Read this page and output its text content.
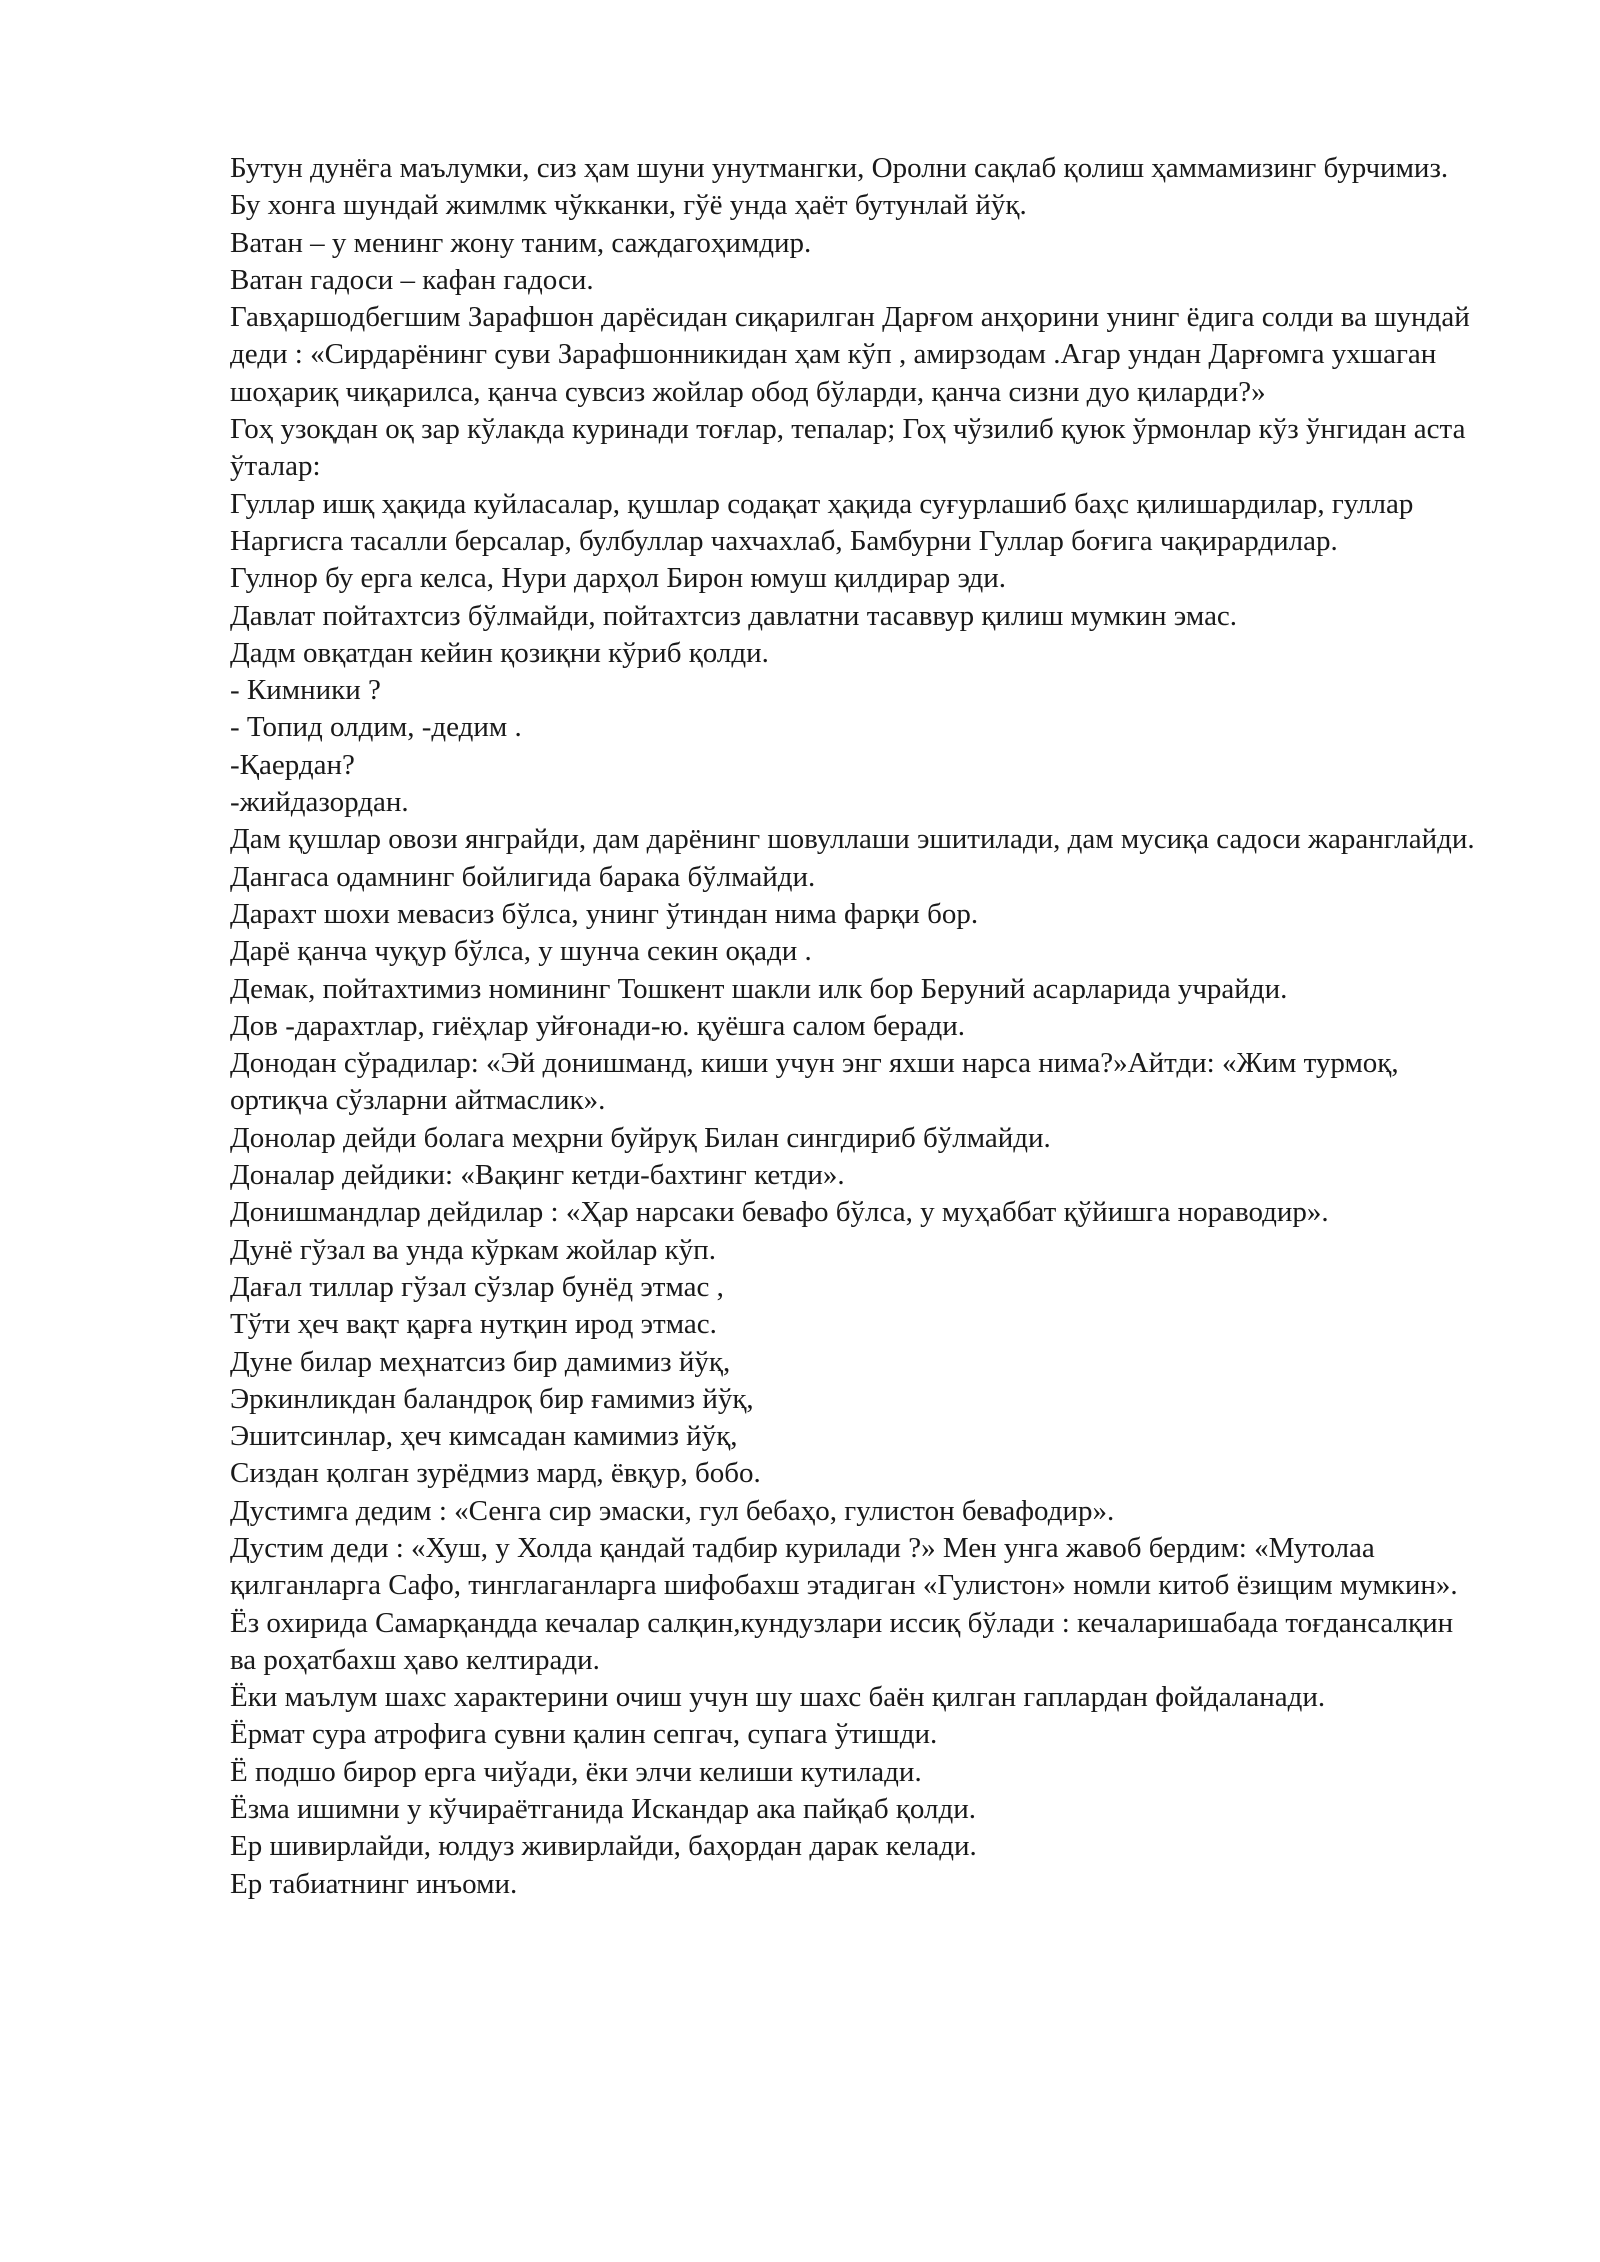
Бутун дунёга маълумки, сиз ҳам шуни унутмангки, Оролни сақлаб қолиш ҳаммамизинг бурчимиз.

Бу хонга шундай жимлмк чўкканки, гўё унда ҳаёт бутунлай йўқ.

Ватан – у менинг жону таним, саждагоҳимдир.

Ватан гадоси – кафан гадоси.

Гавҳаршодбегшим Зарафшон дарёсидан сиқарилган Дарғом анҳорини унинг ёдига солди ва шундай деди : «Сирдарёнинг суви Зарафшонникидан ҳам кўп , амирзодам .Агар ундан Дарғомга ухшаган шоҳариқ чиқарилса, қанча сувсиз жойлар обод бўларди, қанча сизни дуо қиларди?»

Гоҳ узоқдан оқ зар кўлакда куринади тоғлар, тепалар; Гоҳ чўзилиб қуюк ўрмонлар кўз ўнгидан аста ўталар:

Гуллар ишқ ҳақида куйласалар, қушлар содақат ҳақида суғурлашиб баҳс қилишардилар, гуллар Наргисга тасалли берсалар, булбуллар чахчахлаб, Бамбурни Гуллар боғига чақирардилар.

Гулнор бу ерга келса, Нури дарҳол Бирон юмуш қилдирар эди.

Давлат пойтахтсиз бўлмайди, пойтахтсиз давлатни тасаввур қилиш мумкин эмас.

Дадм овқатдан кейин қозиқни кўриб қолди.

- Кимники ?

- Топид олдим, -дедим .

-Қаердан?

-жийдазордан.

Дам қушлар овози янграйди, дам дарёнинг шовуллаши эшитилади, дам мусиқа садоси жаранглайди.

Дангаса одамнинг бойлигида барака бўлмайди.

Дарахт шохи мевасиз бўлса, унинг ўтиндан нима фарқи бор.

Дарё қанча чуқур бўлса, у шунча секин оқади .

Демак, пойтахтимиз номининг Тошкент шакли илк бор Беруний асарларида учрайди.

Дов -дарахтлар, гиёҳлар уйғонади-ю. қуёшга салом беради.

Донодан сўрадилар: «Эй донишманд, киши учун энг яхши нарса нима?»Айтди: «Жим турмоқ, ортиқча сўзларни айтмаслик».

Донолар дейди болага меҳрни буйруқ Билан сингдириб бўлмайди.

Доналар дейдики: «Вақинг кетди-бахтинг кетди».

Донишмандлар дейдилар : «Ҳар нарсаки бевафо бўлса, у муҳаббат қўйишга нораводир».

Дунё гўзал ва унда кўркам жойлар кўп.

Дағал тиллар гўзал сўзлар бунёд этмас ,

Тўти ҳеч вақт қарға нутқин ирод этмас.

Дуне билар меҳнатсиз бир дамимиз йўқ,

Эркинликдан баландроқ бир ғамимиз йўқ,

Эшитсинлар, ҳеч кимсадан камимиз йўқ,

Сиздан қолган зурёдмиз мард, ёвқур, бобо.

Дустимга дедим : «Сенга сир эмаски, гул бебаҳо, гулистон бевафодир».

Дустим деди : «Хуш, у Холда қандай тадбир курилади ?» Мен унга жавоб бердим: «Мутолаа қилганларга Сафо, тинглаганларга шифобахш этадиган «Гулистон» номли китоб ёзищим мумкин».

Ёз охирида Самарқандда кечалар салқин,кундузлари иссиқ бўлади : кечаларишабада тоғдансалқин ва роҳатбахш ҳаво келтиради.

Ёки маълум шахс характерини очиш учун шу шахс баён қилган гаплардан фойдаланади.

Ёрмат сура атрофига сувни қалин сепгач, супага ўтишди.

Ё подшо бирор ерга чиўади, ёки элчи келиши кутилади.

Ёзма ишимни у кўчираётганида Искандар ака пайқаб қолди.

Ер шивирлайди, юлдуз живирлайди, баҳордан дарак келади.

Ер табиатнинг инъоми.
